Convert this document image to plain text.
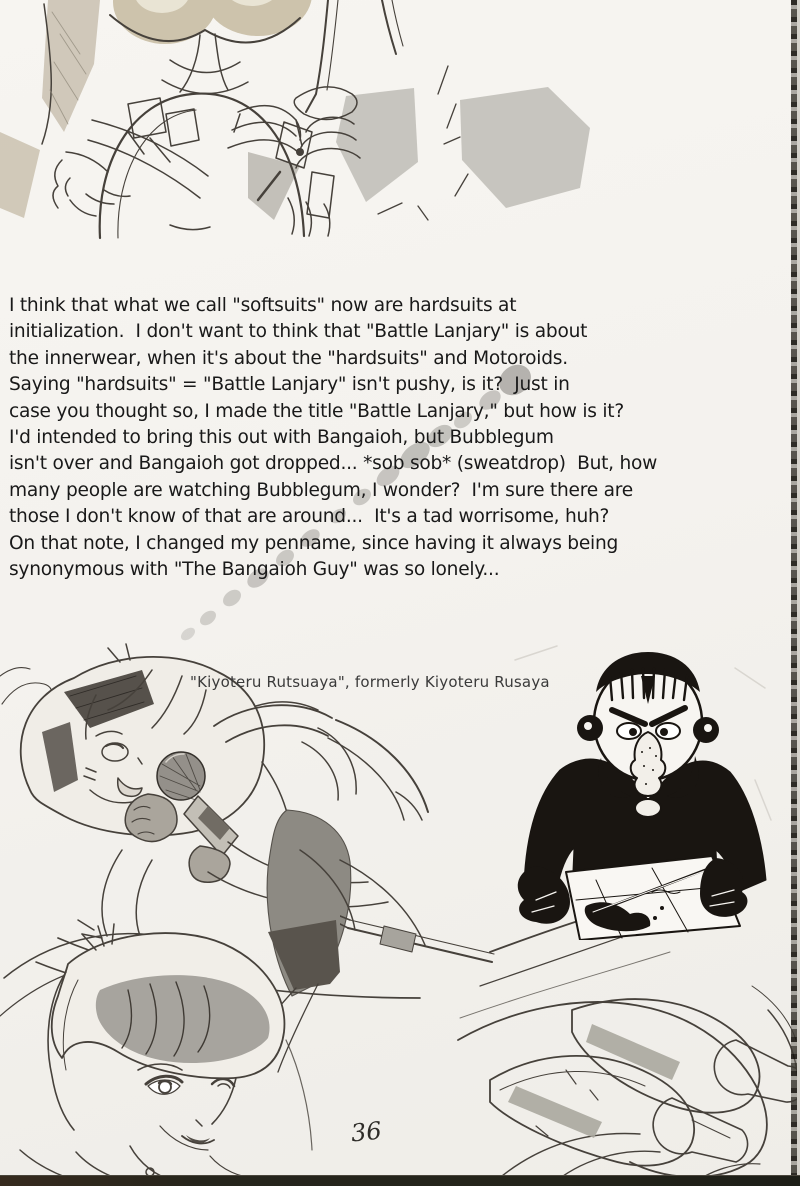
I think that what we call "softsuits" now are hardsuits at
initialization.  I don't want to think that "Battle Lanjary" is about
the innerwear, when it's about the "hardsuits" and Motoroids.
Saying "hardsuits" = "Battle Lanjary" isn't pushy, is it?  Just in
case you thought so, I made the title "Battle Lanjary," but how is it?
I'd intended to bring this out with Bangaioh, but Bubblegum
isn't over and Bangaioh got dropped... *sob sob* (sweatdrop)  But, how
many people are watching Bubblegum, I wonder?  I'm sure there are
those I don't know of that are around...  It's a tad worrisome, huh?
On that note, I changed my penname, since having it always being
synonymous with "The Bangaioh Guy" was so lonely...
"Kiyoteru Rutsuaya", formerly Kiyoteru Rusaya
36
